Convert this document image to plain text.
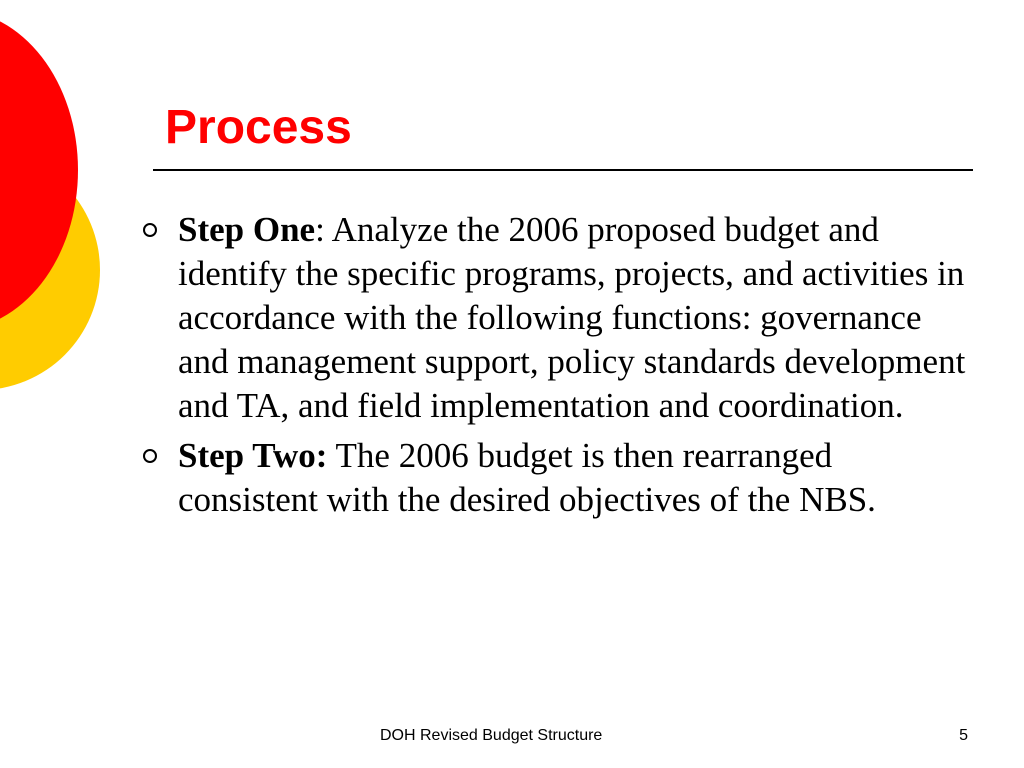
Process
Step One: Analyze the 2006 proposed budget and identify the specific programs, projects, and activities in accordance with the following functions: governance and management support, policy standards development and TA, and field implementation and coordination.
Step Two: The 2006 budget is then rearranged consistent with the desired objectives of the NBS.
DOH Revised Budget Structure	5
